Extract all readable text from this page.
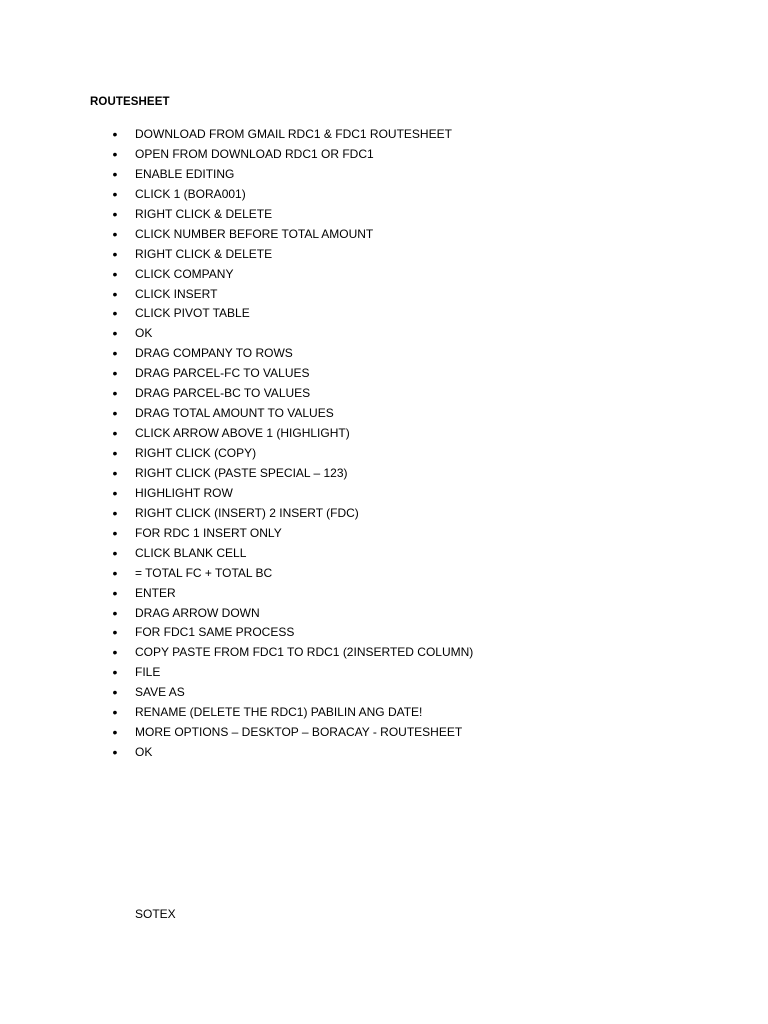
ROUTESHEET
• DOWNLOAD FROM GMAIL RDC1 & FDC1 ROUTESHEET
• OPEN FROM DOWNLOAD RDC1 OR FDC1
• ENABLE EDITING
• CLICK 1 (BORA001)
• RIGHT CLICK & DELETE
• CLICK NUMBER BEFORE TOTAL AMOUNT
• RIGHT CLICK & DELETE
• CLICK COMPANY
• CLICK INSERT
• CLICK PIVOT TABLE
• OK
• DRAG COMPANY TO ROWS
• DRAG PARCEL-FC TO VALUES
• DRAG PARCEL-BC TO VALUES
• DRAG TOTAL AMOUNT TO VALUES
• CLICK ARROW ABOVE 1 (HIGHLIGHT)
• RIGHT CLICK (COPY)
• RIGHT CLICK (PASTE SPECIAL – 123)
• HIGHLIGHT ROW
• RIGHT CLICK (INSERT) 2 INSERT (FDC)
• FOR RDC 1 INSERT ONLY
• CLICK BLANK CELL
• = TOTAL FC + TOTAL BC
• ENTER
• DRAG ARROW DOWN
• FOR FDC1 SAME PROCESS
• COPY PASTE FROM FDC1 TO RDC1 (2INSERTED COLUMN)
• FILE
• SAVE AS
• RENAME (DELETE THE RDC1) PABILIN ANG DATE!
• MORE OPTIONS – DESKTOP – BORACAY - ROUTESHEET
• OK
SOTEX
